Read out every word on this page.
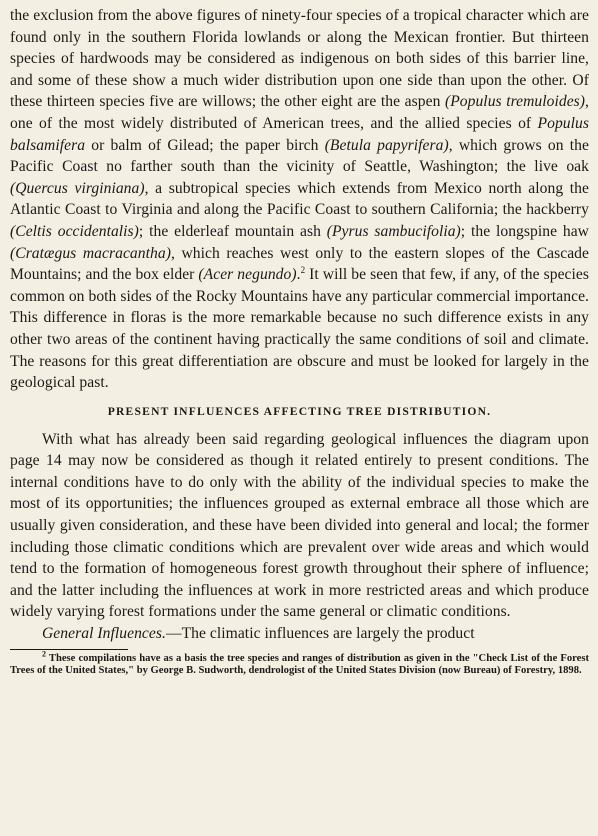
the exclusion from the above figures of ninety-four species of a tropical character which are found only in the southern Florida lowlands or along the Mexican frontier. But thirteen species of hardwoods may be considered as indigenous on both sides of this barrier line, and some of these show a much wider distribution upon one side than upon the other. Of these thirteen species five are willows; the other eight are the aspen (Populus tremuloides), one of the most widely distributed of American trees, and the allied species of Populus balsamifera or balm of Gilead; the paper birch (Betula papyrifera), which grows on the Pacific Coast no farther south than the vicinity of Seattle, Washington; the live oak (Quercus virginiana), a subtropical species which extends from Mexico north along the Atlantic Coast to Virginia and along the Pacific Coast to southern California; the hackberry (Celtis occidentalis); the elderleaf mountain ash (Pyrus sambucifolia); the longspine haw (Cratægus macracantha), which reaches west only to the eastern slopes of the Cascade Mountains; and the box elder (Acer negundo).$^2$ It will be seen that few, if any, of the species common on both sides of the Rocky Mountains have any particular commercial importance. This difference in floras is the more remarkable because no such difference exists in any other two areas of the continent having practically the same conditions of soil and climate. The reasons for this great differentiation are obscure and must be looked for largely in the geological past.

PRESENT INFLUENCES AFFECTING TREE DISTRIBUTION.

With what has already been said regarding geological influences the diagram upon page 14 may now be considered as though it related entirely to present conditions. The internal conditions have to do only with the ability of the individual species to make the most of its opportunities; the influences grouped as external embrace all those which are usually given consideration, and these have been divided into general and local; the former including those climatic conditions which are prevalent over wide areas and which would tend to the formation of homogeneous forest growth throughout their sphere of influence; and the latter including the influences at work in more restricted areas and which produce widely varying forest formations under the same general or climatic conditions.

General Influences.—The climatic influences are largely the product

$^2$ These compilations have as a basis the tree species and ranges of distribution as given in the "Check List of the Forest Trees of the United States," by George B. Sudworth, dendrologist of the United States Division (now Bureau) of Forestry, 1898.
